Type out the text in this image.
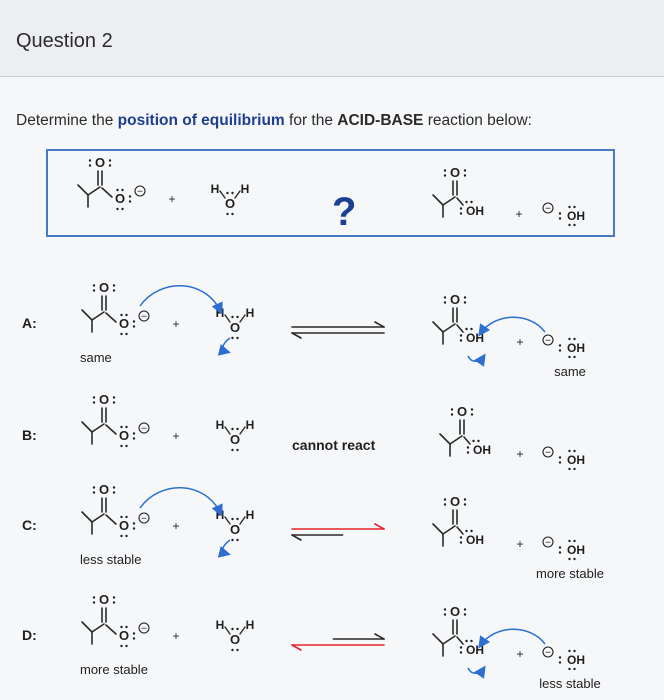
Question 2
Determine the position of equilibrium for the ACID-BASE reaction below:
O
O − +
H H
O
O
OH	+ − OH
?
A:
O
O − +
H H
O
O
OH	+ − OH
same
same
B:
O
O − +
H H
O	cannot react
O
OH + − OH
C:
O
O − +
H H
O
O
OH	+ − OH
less stable
more stable
D:
O
O − +
H H
O
O
OH	+ − OH
more stable
less stable
